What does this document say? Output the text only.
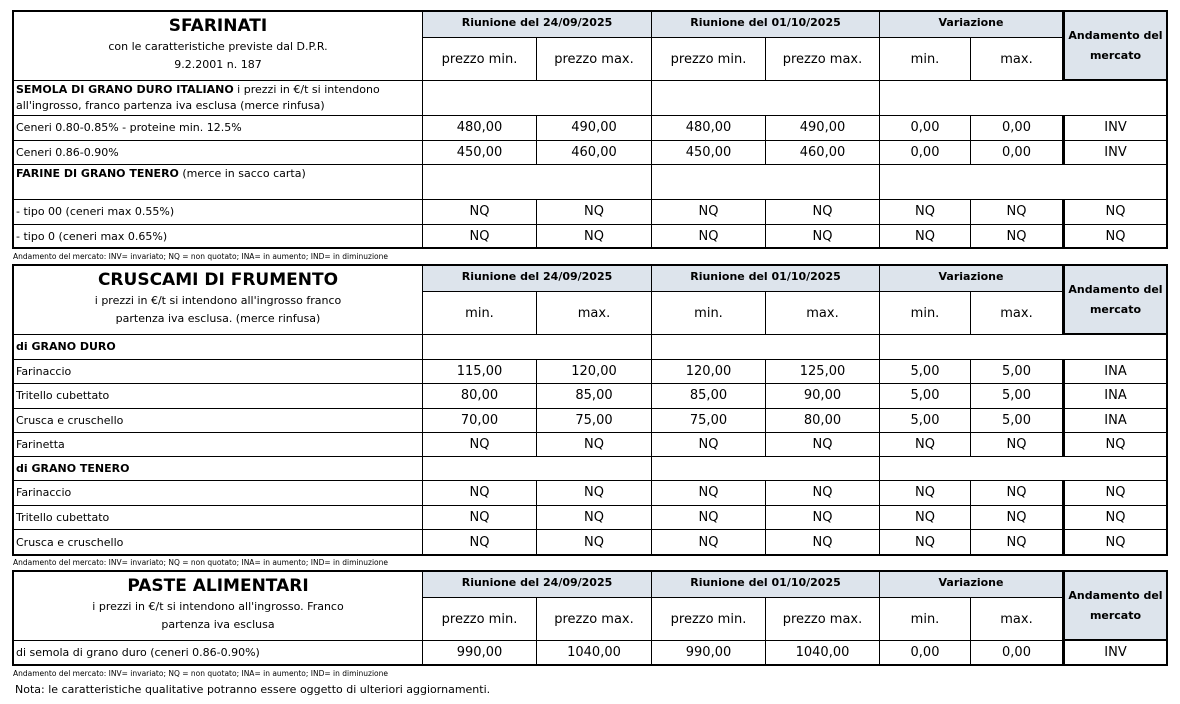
SFARINATI
con le caratteristiche previste dal D.P.R.
9.2.2001 n. 187
Riunione del 24/09/2025	Riunione del 01/10/2025	Variazione
Andamento del mercato
prezzo min.	prezzo max.	prezzo min.	prezzo max.	min.	max.
SEMOLA DI GRANO DURO ITALIANO i prezzi in €/t si intendono
all'ingrosso, franco partenza iva esclusa (merce rinfusa)
Ceneri 0.80-0.85% - proteine min. 12.5%	480,00	490,00	480,00	490,00	0,00	0,00	INV
Ceneri 0.86-0.90%	450,00	460,00	450,00	460,00	0,00	0,00	INV
FARINE DI GRANO TENERO (merce in sacco carta)
- tipo 00 (ceneri max 0.55%)	NQ	NQ	NQ	NQ	NQ	NQ	NQ
- tipo 0 (ceneri max 0.65%)	NQ	NQ	NQ	NQ	NQ	NQ	NQ
Andamento del mercato: INV= invariato; NQ = non quotato; INA= in aumento; IND= in diminuzione
CRUSCAMI DI FRUMENTO
i prezzi in €/t si intendono all'ingrosso franco
partenza iva esclusa. (merce rinfusa)
Riunione del 24/09/2025	Riunione del 01/10/2025	Variazione
Andamento del mercato
min.	max.	min.	max.	min.	max.
di GRANO DURO
Farinaccio	115,00	120,00	120,00	125,00	5,00	5,00	INA
Tritello cubettato	80,00	85,00	85,00	90,00	5,00	5,00	INA
Crusca e cruschello	70,00	75,00	75,00	80,00	5,00	5,00	INA
Farinetta	NQ	NQ	NQ	NQ	NQ	NQ	NQ
di GRANO TENERO
Farinaccio	NQ	NQ	NQ	NQ	NQ	NQ	NQ
Tritello cubettato	NQ	NQ	NQ	NQ	NQ	NQ	NQ
Crusca e cruschello	NQ	NQ	NQ	NQ	NQ	NQ	NQ
Andamento del mercato: INV= invariato; NQ = non quotato; INA= in aumento; IND= in diminuzione
PASTE ALIMENTARI
i prezzi in €/t si intendono all'ingrosso. Franco
partenza iva esclusa
Riunione del 24/09/2025	Riunione del 01/10/2025	Variazione
Andamento del mercato
prezzo min.	prezzo max.	prezzo min.	prezzo max.	min.	max.
di semola di grano duro (ceneri 0.86-0.90%)	990,00	1040,00	990,00	1040,00	0,00	0,00	INV
Andamento del mercato: INV= invariato; NQ = non quotato; INA= in aumento; IND= in diminuzione
Nota: le caratteristiche qualitative potranno essere oggetto di ulteriori aggiornamenti.
